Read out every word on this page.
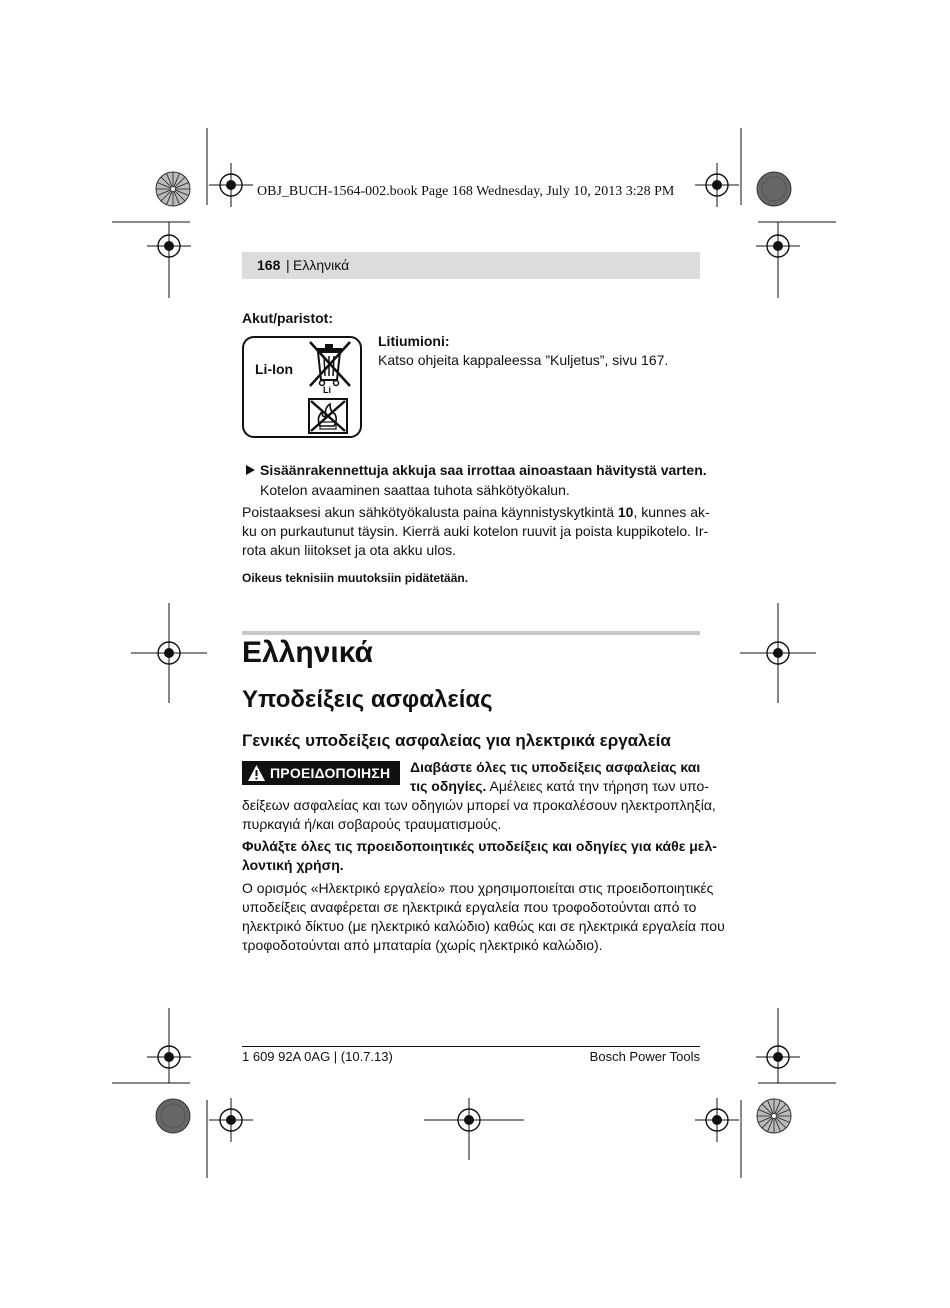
OBJ_BUCH-1564-002.book Page 168 Wednesday, July 10, 2013 3:28 PM
168 | Ελληνικά
Akut/paristot:
Li-Ion
Li
Litiumioni:
Katso ohjeita kappaleessa ”Kuljetus”, sivu 167.
Sisäänrakennettuja akkuja saa irrottaa ainoastaan hävitystä varten.
Kotelon avaaminen saattaa tuhota sähkötyökalun.
Poistaaksesi akun sähkötyökalusta paina käynnistyskytkintä 10, kunnes ak-
ku on purkautunut täysin. Kierrä auki kotelon ruuvit ja poista kuppikotelo. Ir-
rota akun liitokset ja ota akku ulos.
Oikeus teknisiin muutoksiin pidätetään.
Ελληνικά
Υποδείξεις ασφαλείας
Γενικές υποδείξεις ασφαλείας για ηλεκτρικά εργαλεία
ΠΡΟΕΙΔΟΠΟΙΗΣΗ Διαβάστε όλες τις υποδείξεις ασφαλείας και
τις οδηγίες. Αμέλειες κατά την τήρηση των υπο-
δείξεων ασφαλείας και των οδηγιών μπορεί να προκαλέσουν ηλεκτροπληξία,
πυρκαγιά ή/και σοβαρούς τραυματισμούς.
Φυλάξτε όλες τις προειδοποιητικές υποδείξεις και οδηγίες για κάθε μελ-
λοντική χρήση.
Ο ορισμός «Ηλεκτρικό εργαλείο» που χρησιμοποιείται στις προειδοποιητικές
υποδείξεις αναφέρεται σε ηλεκτρικά εργαλεία που τροφοδοτούνται από το
ηλεκτρικό δίκτυο (με ηλεκτρικό καλώδιο) καθώς και σε ηλεκτρικά εργαλεία που
τροφοδοτούνται από μπαταρία (χωρίς ηλεκτρικό καλώδιο).
1 609 92A 0AG | (10.7.13)	Bosch Power Tools
